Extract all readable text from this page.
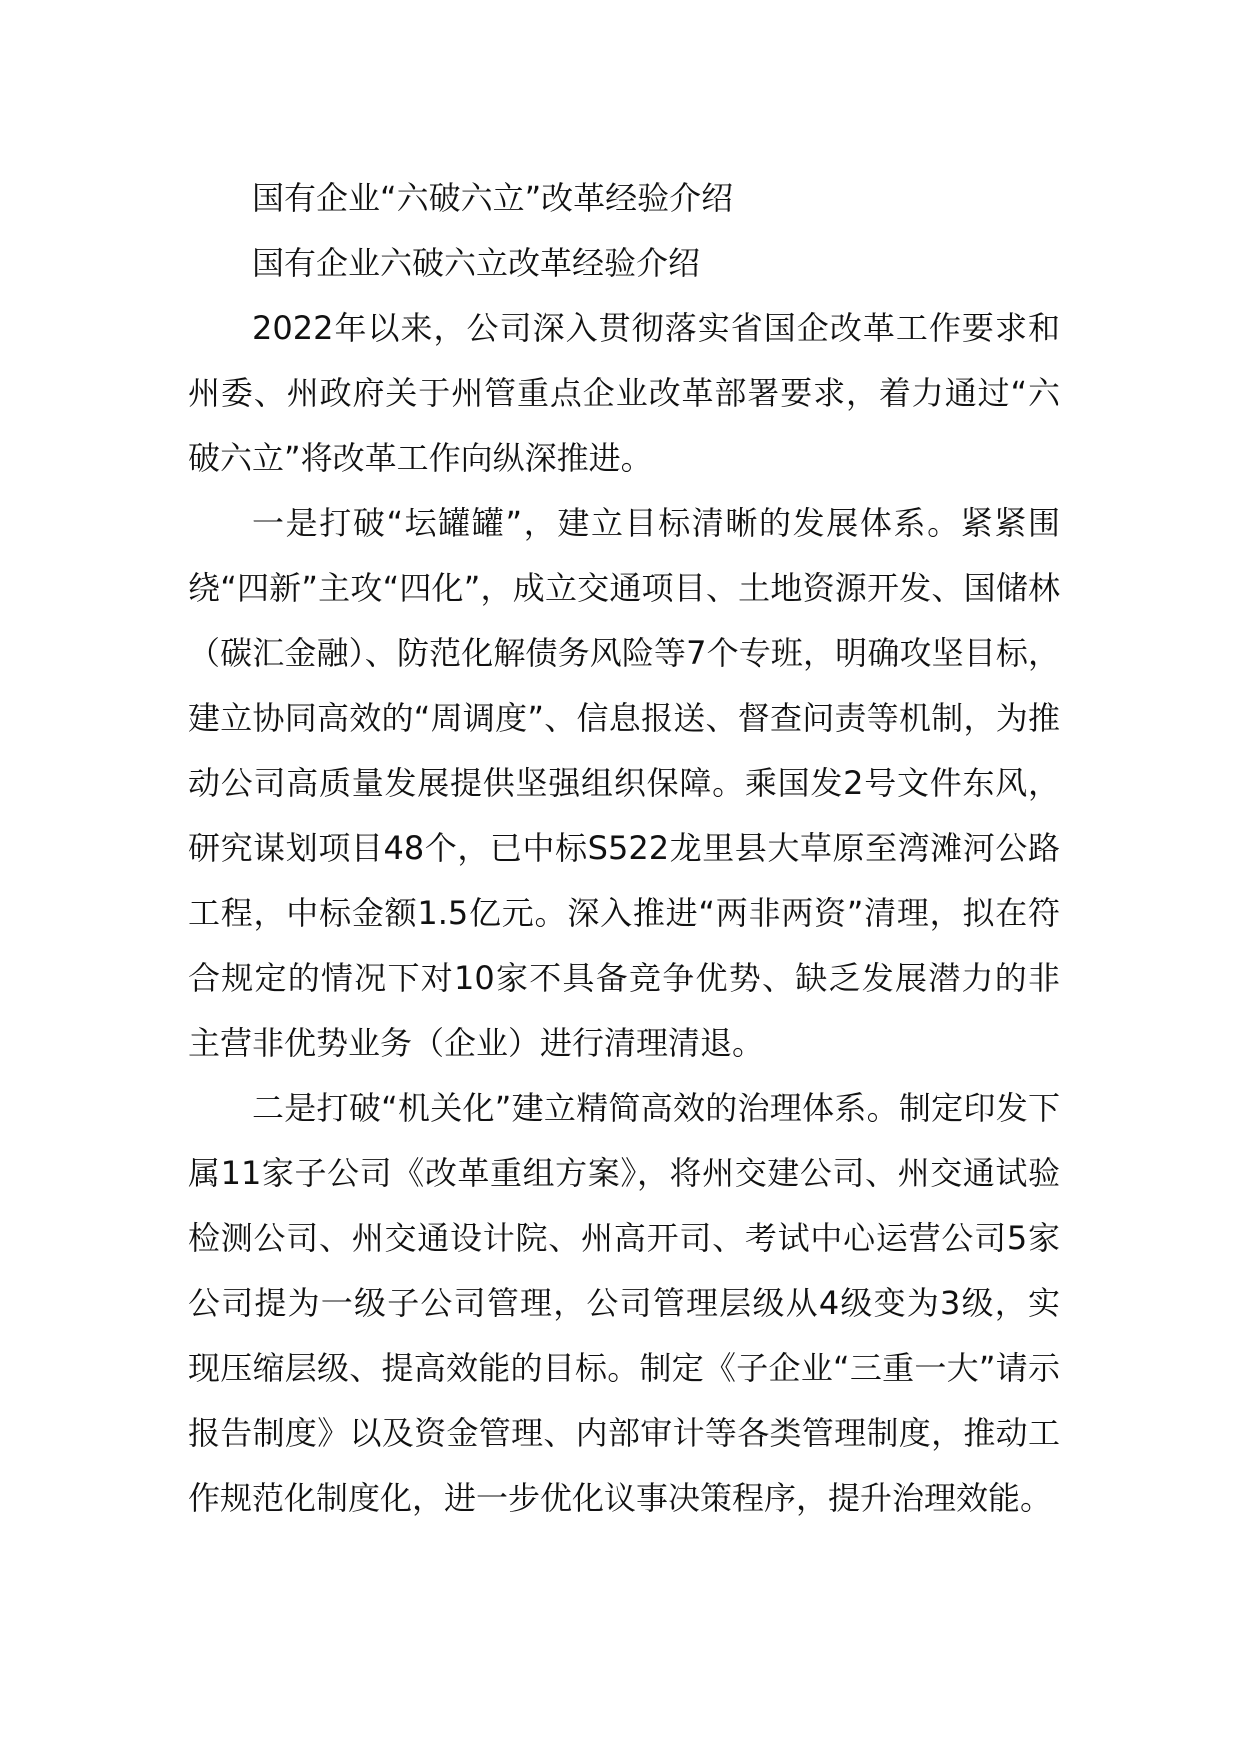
国有企业“六破六立”改革经验介绍

国有企业六破六立改革经验介绍

2022年以来，公司深入贯彻落实省国企改革工作要求和州委、州政府关于州管重点企业改革部署要求，着力通过“六破六立”将改革工作向纵深推进。

一是打破“坛罐罐”，建立目标清晰的发展体系。紧紧围绕“四新”主攻“四化”，成立交通项目、土地资源开发、国储林（碳汇金融）、防范化解债务风险等7个专班，明确攻坚目标，建立协同高效的“周调度”、信息报送、督查问责等机制，为推动公司高质量发展提供坚强组织保障。乘国发2号文件东风，研究谋划项目48个，已中标S522龙里县大草原至湾滩河公路工程，中标金额1.5亿元。深入推进“两非两资”清理，拟在符合规定的情况下对10家不具备竞争优势、缺乏发展潜力的非主营非优势业务（企业）进行清理清退。

二是打破“机关化”建立精简高效的治理体系。制定印发下属11家子公司《改革重组方案》，将州交建公司、州交通试验检测公司、州交通设计院、州高开司、考试中心运营公司5家公司提为一级子公司管理，公司管理层级从4级变为3级，实现压缩层级、提高效能的目标。制定《子企业“三重一大”请示报告制度》以及资金管理、内部审计等各类管理制度，推动工作规范化制度化，进一步优化议事决策程序，提升治理效能。
